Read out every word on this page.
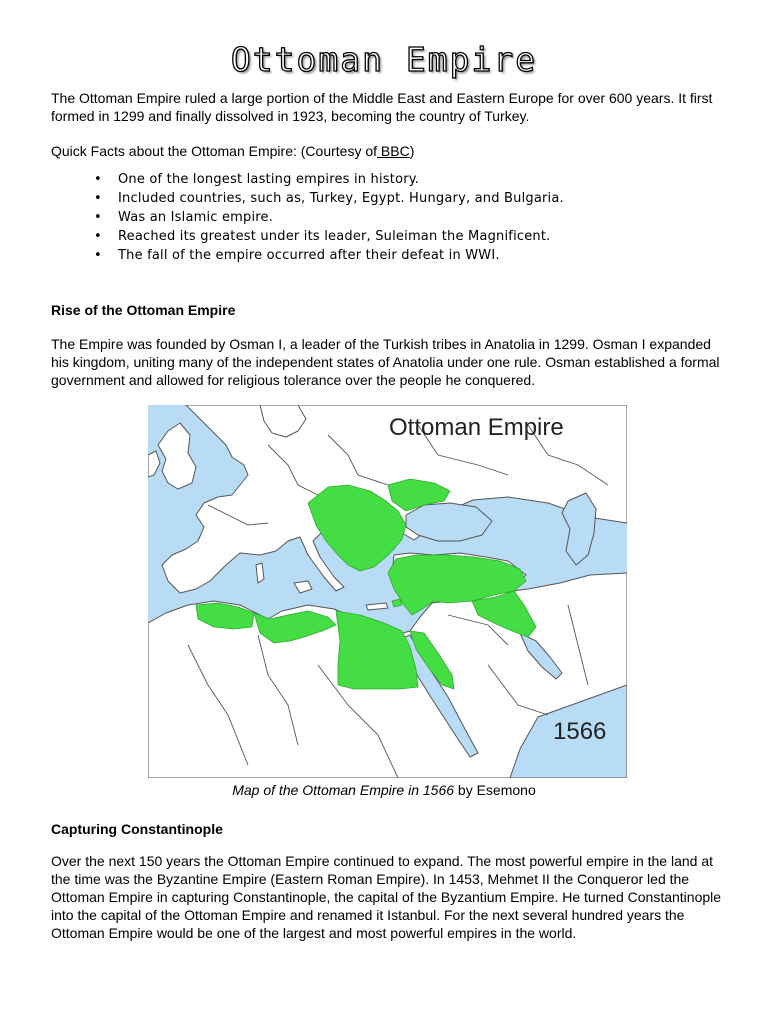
Ottoman Empire
The Ottoman Empire ruled a large portion of the Middle East and Eastern Europe for over 600 years. It first formed in 1299 and finally dissolved in 1923, becoming the country of Turkey.
Quick Facts about the Ottoman Empire: (Courtesy of BBC)
• One of the longest lasting empires in history.
• Included countries, such as, Turkey, Egypt. Hungary, and Bulgaria.
• Was an Islamic empire.
• Reached its greatest under its leader, Suleiman the Magnificent.
• The fall of the empire occurred after their defeat in WWI.
Rise of the Ottoman Empire
The Empire was founded by Osman I, a leader of the Turkish tribes in Anatolia in 1299. Osman I expanded his kingdom, uniting many of the independent states of Anatolia under one rule. Osman established a formal government and allowed for religious tolerance over the people he conquered.
Ottoman Empire
1566
Map of the Ottoman Empire in 1566 by Esemono
Capturing Constantinople
Over the next 150 years the Ottoman Empire continued to expand. The most powerful empire in the land at the time was the Byzantine Empire (Eastern Roman Empire). In 1453, Mehmet II the Conqueror led the Ottoman Empire in capturing Constantinople, the capital of the Byzantium Empire. He turned Constantinople into the capital of the Ottoman Empire and renamed it Istanbul. For the next several hundred years the Ottoman Empire would be one of the largest and most powerful empires in the world.
